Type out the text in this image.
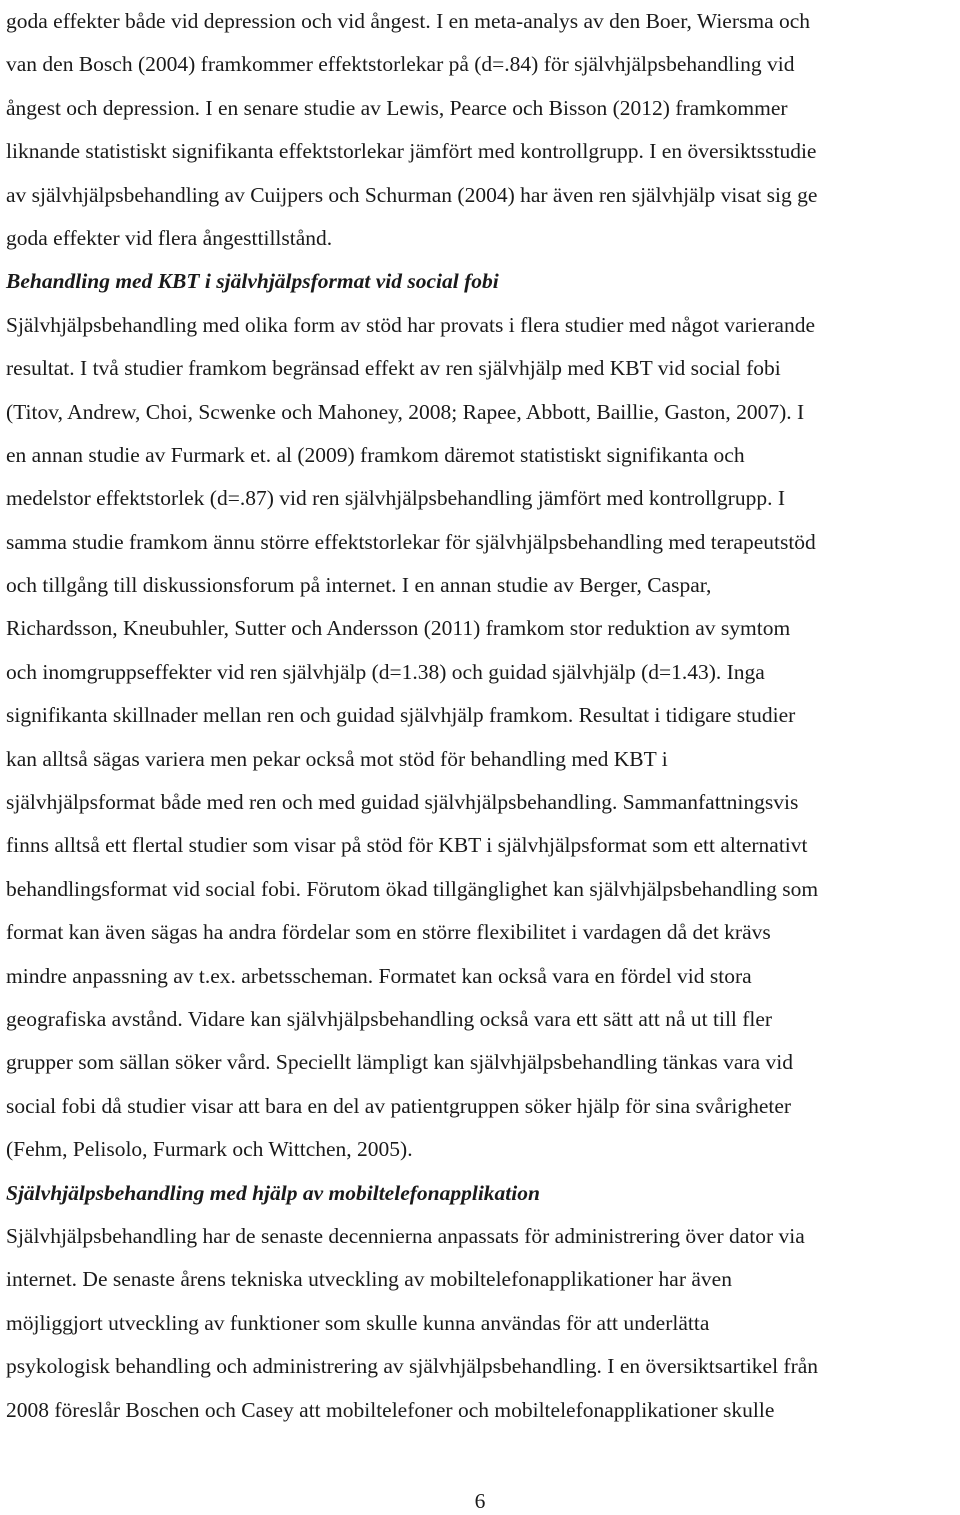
goda effekter både vid depression och vid ångest. I en meta-analys av den Boer, Wiersma och
van den Bosch (2004) framkommer effektstorlekar på (d=.84) för självhjälpsbehandling vid
ångest och depression. I en senare studie av Lewis, Pearce och Bisson (2012) framkommer
liknande statistiskt signifikanta effektstorlekar jämfört med kontrollgrupp. I en översiktsstudie
av självhjälpsbehandling av Cuijpers och Schurman (2004) har även ren självhjälp visat sig ge
goda effekter vid flera ångesttillstånd.
Behandling med KBT i självhjälpsformat vid social fobi
Självhjälpsbehandling med olika form av stöd har provats i flera studier med något varierande
resultat. I två studier framkom begränsad effekt av ren självhjälp med KBT vid social fobi
(Titov, Andrew, Choi, Scwenke och Mahoney, 2008; Rapee, Abbott, Baillie, Gaston, 2007). I
en annan studie av Furmark et. al (2009) framkom däremot statistiskt signifikanta och
medelstor effektstorlek (d=.87) vid ren självhjälpsbehandling jämfört med kontrollgrupp. I
samma studie framkom ännu större effektstorlekar för självhjälpsbehandling med terapeutstöd
och tillgång till diskussionsforum på internet. I en annan studie av Berger, Caspar,
Richardsson, Kneubuhler, Sutter och Andersson (2011) framkom stor reduktion av symtom
och inomgruppseffekter vid ren självhjälp (d=1.38) och guidad självhjälp (d=1.43). Inga
signifikanta skillnader mellan ren och guidad självhjälp framkom. Resultat i tidigare studier
kan alltså sägas variera men pekar också mot stöd för behandling med KBT i
självhjälpsformat både med ren och med guidad självhjälpsbehandling. Sammanfattningsvis
finns alltså ett flertal studier som visar på stöd för KBT i självhjälpsformat som ett alternativt
behandlingsformat vid social fobi. Förutom ökad tillgänglighet kan självhjälpsbehandling som
format kan även sägas ha andra fördelar som en större flexibilitet i vardagen då det krävs
mindre anpassning av t.ex. arbetsscheman. Formatet kan också vara en fördel vid stora
geografiska avstånd. Vidare kan självhjälpsbehandling också vara ett sätt att nå ut till fler
grupper som sällan söker vård. Speciellt lämpligt kan självhjälpsbehandling tänkas vara vid
social fobi då studier visar att bara en del av patientgruppen söker hjälp för sina svårigheter
(Fehm, Pelisolo, Furmark och Wittchen, 2005).
Självhjälpsbehandling med hjälp av mobiltelefonapplikation
Självhjälpsbehandling har de senaste decennierna anpassats för administrering över dator via
internet. De senaste årens tekniska utveckling av mobiltelefonapplikationer har även
möjliggjort utveckling av funktioner som skulle kunna användas för att underlätta
psykologisk behandling och administrering av självhjälpsbehandling. I en översiktsartikel från
2008 föreslår Boschen och Casey att mobiltelefoner och mobiltelefonapplikationer skulle
6
